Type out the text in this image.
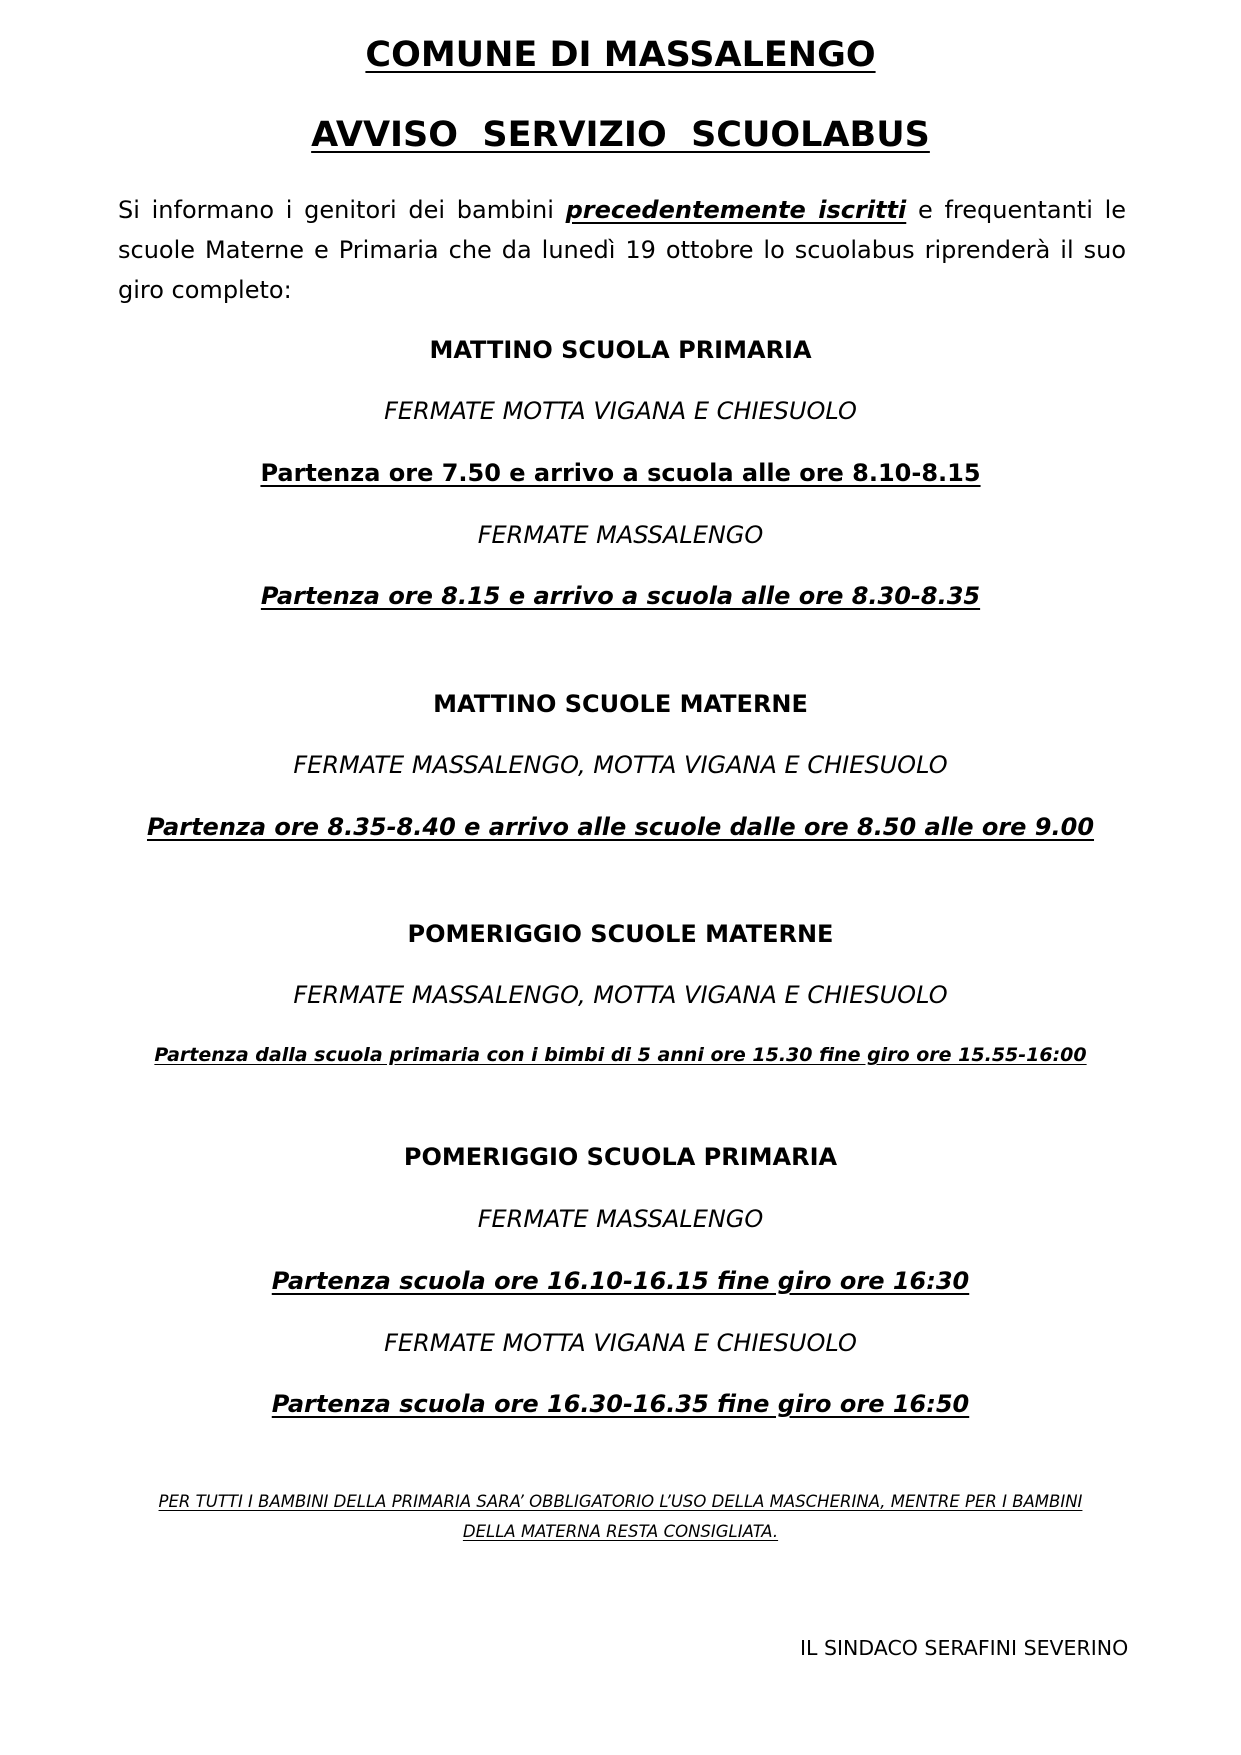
COMUNE DI MASSALENGO
AVVISO  SERVIZIO  SCUOLABUS
Si informano i genitori dei bambini precedentemente iscritti e frequentanti le scuole Materne e Primaria che da lunedì 19 ottobre lo scuolabus riprenderà il suo giro completo:
MATTINO SCUOLA PRIMARIA
FERMATE MOTTA VIGANA E CHIESUOLO
Partenza ore 7.50 e arrivo a scuola alle ore 8.10-8.15
FERMATE MASSALENGO
Partenza ore 8.15 e arrivo a scuola alle ore 8.30-8.35
MATTINO SCUOLE MATERNE
FERMATE MASSALENGO, MOTTA VIGANA E CHIESUOLO
Partenza ore 8.35-8.40 e arrivo alle scuole dalle ore 8.50 alle ore 9.00
POMERIGGIO SCUOLE MATERNE
FERMATE MASSALENGO, MOTTA VIGANA E CHIESUOLO
Partenza dalla scuola primaria con i bimbi di 5 anni ore 15.30 fine giro ore 15.55-16:00
POMERIGGIO SCUOLA PRIMARIA
FERMATE MASSALENGO
Partenza scuola ore 16.10-16.15 fine giro ore 16:30
FERMATE MOTTA VIGANA E CHIESUOLO
Partenza scuola ore 16.30-16.35 fine giro ore 16:50
PER TUTTI I BAMBINI DELLA PRIMARIA SARA’ OBBLIGATORIO L’USO DELLA MASCHERINA, MENTRE PER I BAMBINI
DELLA MATERNA RESTA CONSIGLIATA.
IL SINDACO SERAFINI SEVERINO
